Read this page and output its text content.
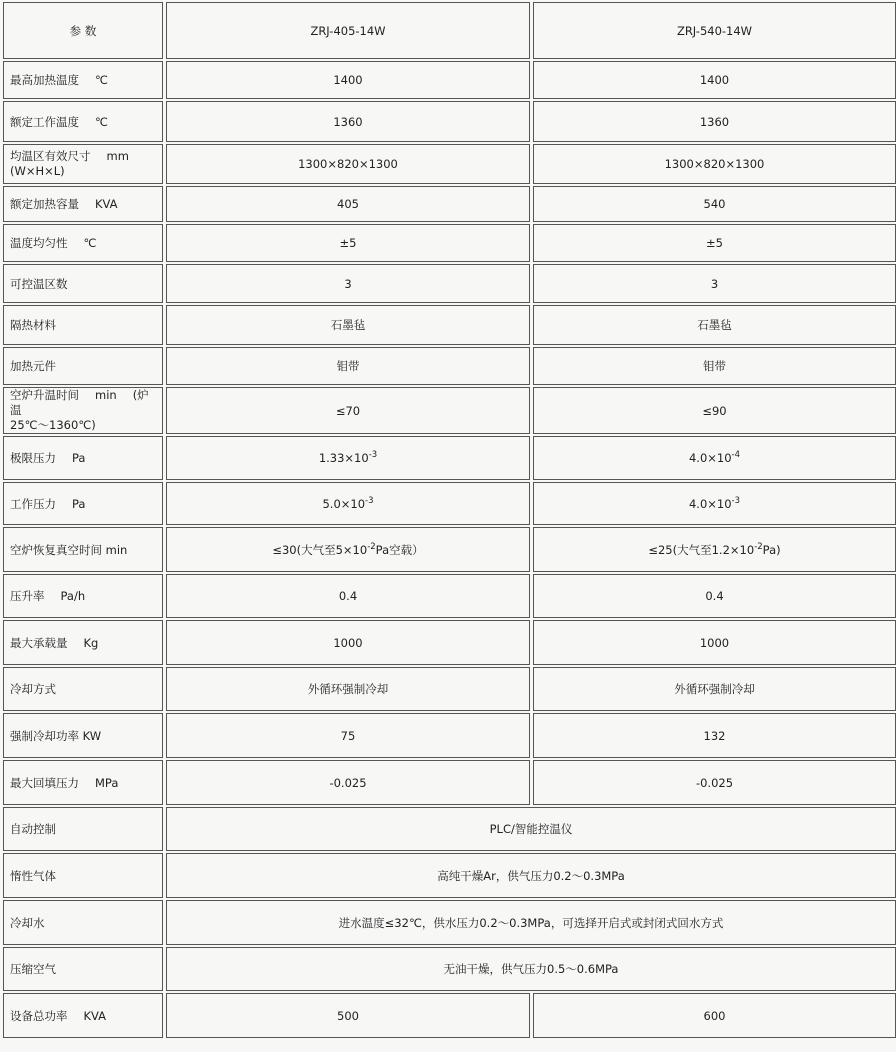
参 数	ZRJ-405-14W	ZRJ-540-14W
最高加热温度 ℃	1400	1400
额定工作温度 ℃	1360	1360
均温区有效尺寸 mm
(W×H×L)	1300×820×1300	1300×820×1300
额定加热容量 KVA	405	540
温度均匀性 ℃	±5	±5
可控温区数	3	3
隔热材料	石墨毡	石墨毡
加热元件	钼带	钼带
空炉升温时间 min (炉温
25℃～1360℃)	≤70	≤90
极限压力 Pa	$1.33\times 10^{-3}$	$4.0\times 10^{-4}$
工作压力 Pa	$5.0\times 10^{-3}$	$4.0\times 10^{-3}$
空炉恢复真空时间 min	≤30(大气至$5\times 10^{-2}Pa$空载）	≤25(大气至$1.2\times 10^{-2}Pa$)
压升率 Pa/h	0.4	0.4
最大承载量 Kg	1000	1000
冷却方式	外循环强制冷却	外循环强制冷却
强制冷却功率 KW	75	132
最大回填压力 MPa	-0.025	-0.025
自动控制	PLC/智能控温仪	
惰性气体	高纯干燥Ar，供气压力0.2～0.3MPa	
冷却水	进水温度≤32℃，供水压力0.2～0.3MPa，可选择开启式或封闭式回水方式	
压缩空气	无油干燥，供气压力0.5～0.6MPa	
设备总功率 KVA	500	600
